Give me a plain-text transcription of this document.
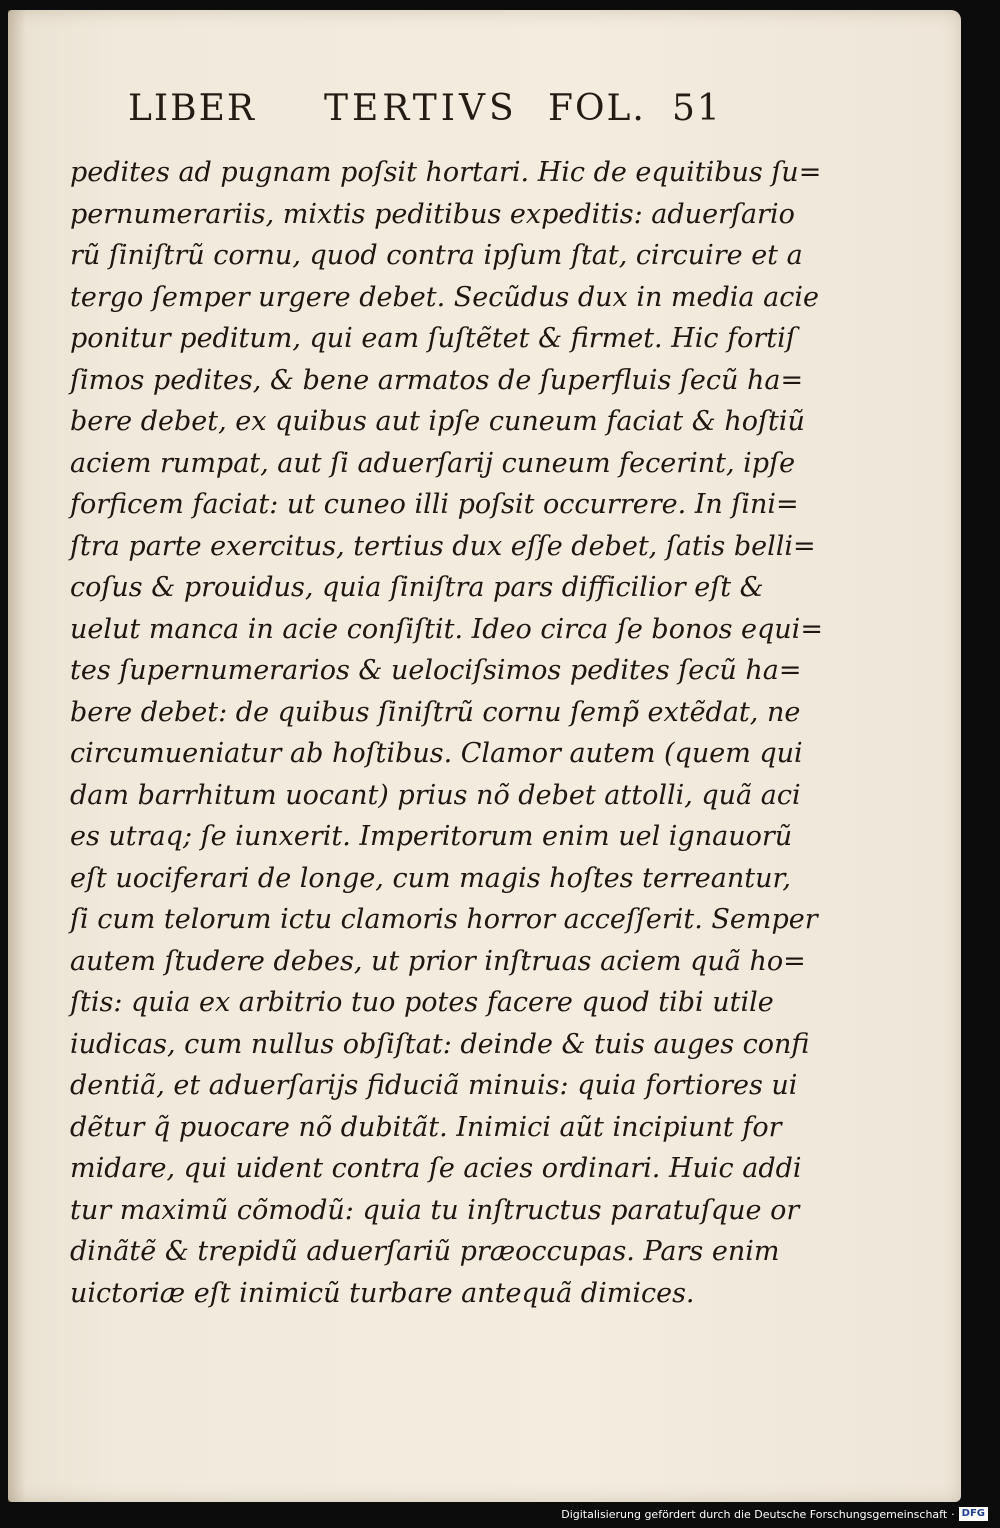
LIBER TERTIVS FOL. 51
pedites ad pugnam poſsit hortari. Hic de equitibus ſu=
pernumerariis, mixtis peditibus expeditis: aduerſario
rũ ſiniſtrũ cornu, quod contra ipſum ſtat, circuire et a
tergo ſemper urgere debet. Secũdus dux in media acie
ponitur peditum, qui eam ſuſtẽtet & firmet. Hic fortiſ
ſimos pedites, & bene armatos de ſuperfluis ſecũ ha=
bere debet, ex quibus aut ipſe cuneum faciat & hoſtiũ
aciem rumpat, aut ſi aduerſarij cuneum fecerint, ipſe
forficem faciat: ut cuneo illi poſsit occurrere. In ſini=
ſtra parte exercitus, tertius dux eſſe debet, ſatis belli=
coſus & prouidus, quia ſiniſtra pars difficilior eſt &
uelut manca in acie conſiſtit. Ideo circa ſe bonos equi=
tes ſupernumerarios & uelociſsimos pedites ſecũ ha=
bere debet: de quibus ſiniſtrũ cornu ſemp̃ extẽdat, ne
circumueniatur ab hoſtibus. Clamor autem (quem qui
dam barrhitum uocant) prius nõ debet attolli, quã aci
es utraq; ſe iunxerit. Imperitorum enim uel ignauorũ
eſt uociferari de longe, cum magis hoſtes terreantur,
ſi cum telorum ictu clamoris horror acceſſerit. Semper
autem ſtudere debes, ut prior inſtruas aciem quã ho=
ſtis: quia ex arbitrio tuo potes facere quod tibi utile
iudicas, cum nullus obſiſtat: deinde & tuis auges confi
dentiã, et aduerſarijs fiduciã minuis: quia fortiores ui
dẽtur q̃ puocare nõ dubitãt. Inimici aũt incipiunt for
midare, qui uident contra ſe acies ordinari. Huic addi
tur maximũ cõmodũ: quia tu inſtructus paratuſque or
dinãtẽ & trepidũ aduerſariũ præoccupas. Pars enim
uictoriæ eſt inimicũ turbare antequã dimices.
Digitalisierung gefördert durch die Deutsche Forschungsgemeinschaft · DFG
